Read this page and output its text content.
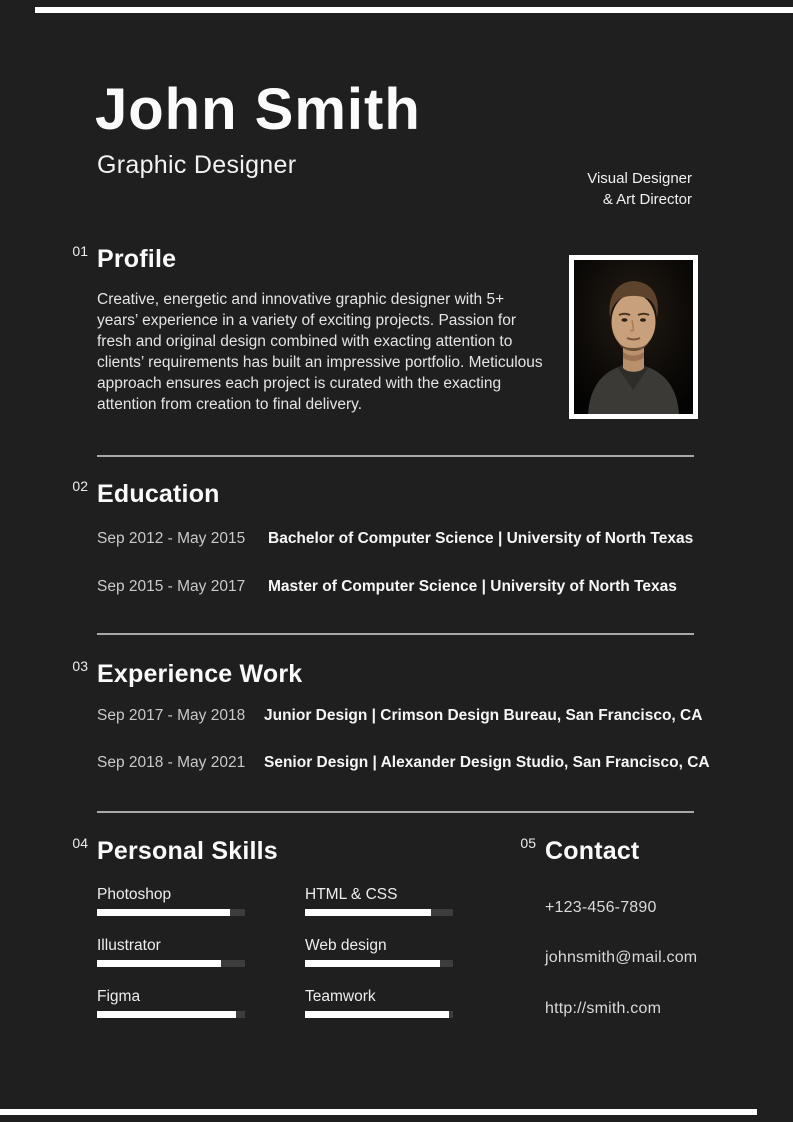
John Smith
Graphic Designer	Visual Designer
& Art Director
01 Profile

Creative, energetic and innovative graphic designer with 5+ years’ experience in a variety of exciting projects. Passion for fresh and original design combined with exacting attention to clients’ requirements has built an impressive portfolio. Meticulous approach ensures each project is curated with the exacting attention from creation to final delivery.

02 Education
Sep 2012 - May 2015 Bachelor of Computer Science | University of North Texas
Sep 2015 - May 2017 Master of Computer Science | University of North Texas
03 Experience Work
Sep 2017 - May 2018 Junior Design | Crimson Design Bureau, San Francisco, CA
Sep 2018 - May 2021 Senior Design | Alexander Design Studio, San Francisco, CA
04 Personal Skills
Photoshop
Illustrator
Figma
HTML & CSS
Web design
Teamwork
05 Contact
+123-456-7890
johnsmith@mail.com
http://smith.com
